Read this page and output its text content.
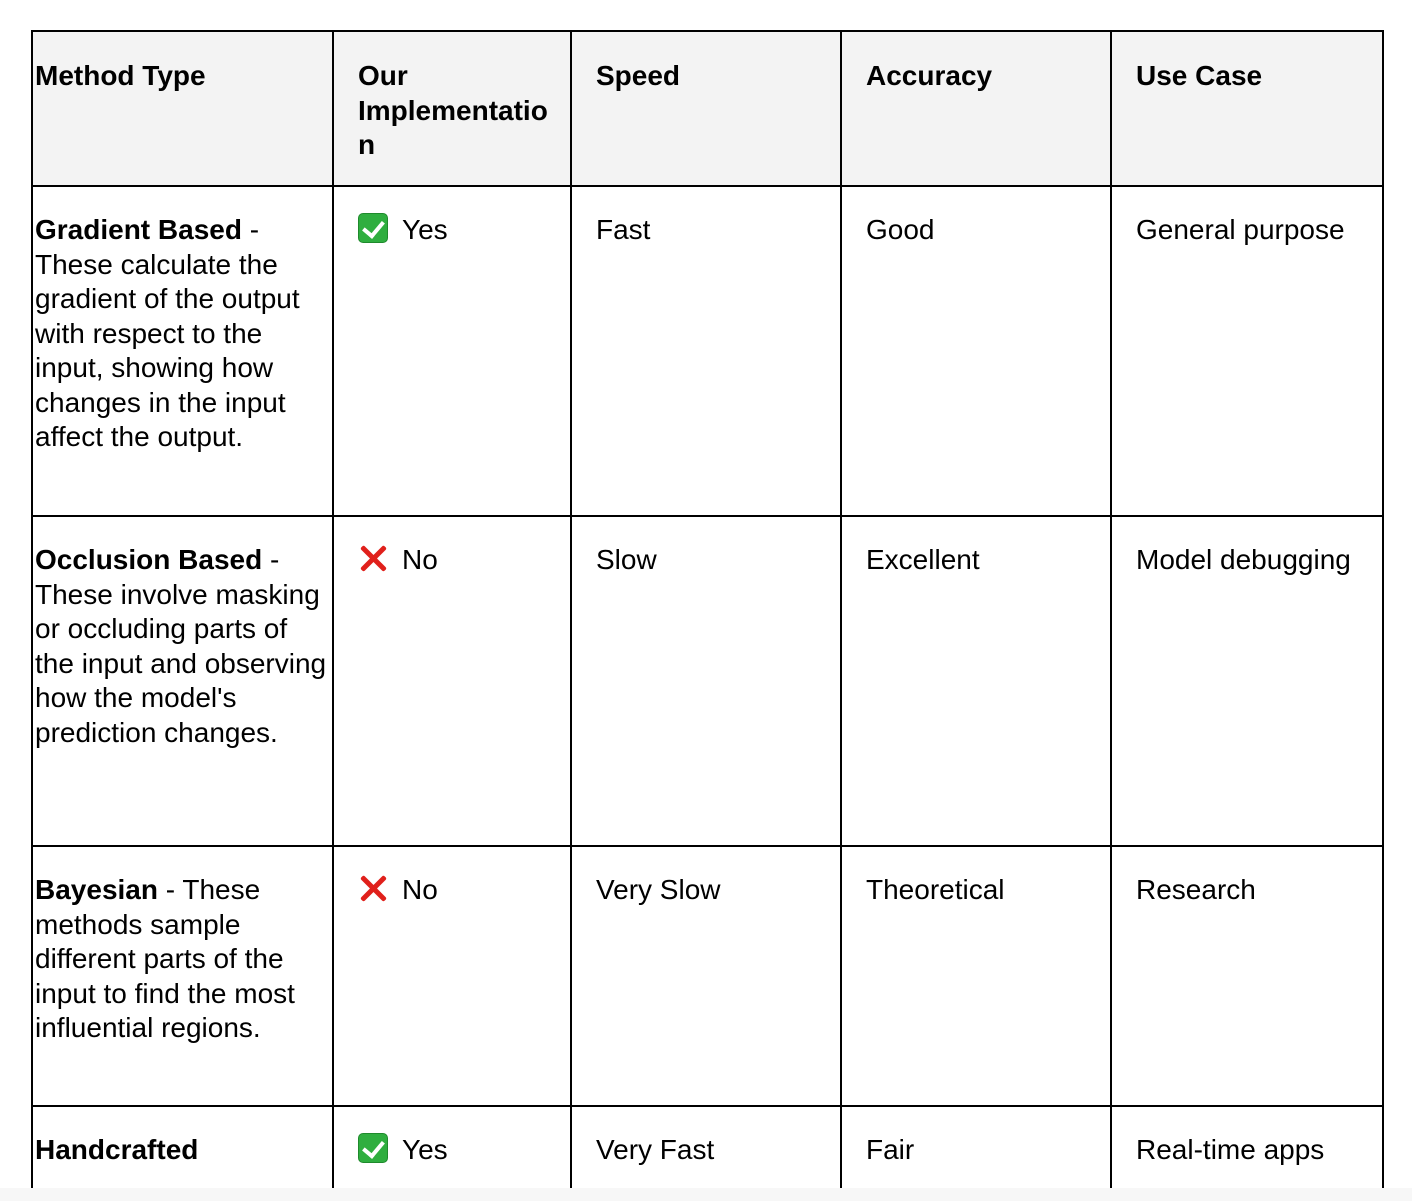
Method Type	Our Implementation	Speed	Accuracy	Use Case
Gradient Based - These calculate the gradient of the output with respect to the input, showing how changes in the input affect the output.	Yes	Fast	Good	General purpose
Occlusion Based - These involve masking or occluding parts of the input and observing how the model's prediction changes.	No	Slow	Excellent	Model debugging
Bayesian - These methods sample different parts of the input to find the most influential regions.	No	Very Slow	Theoretical	Research
Handcrafted	Yes	Very Fast	Fair	Real-time apps
